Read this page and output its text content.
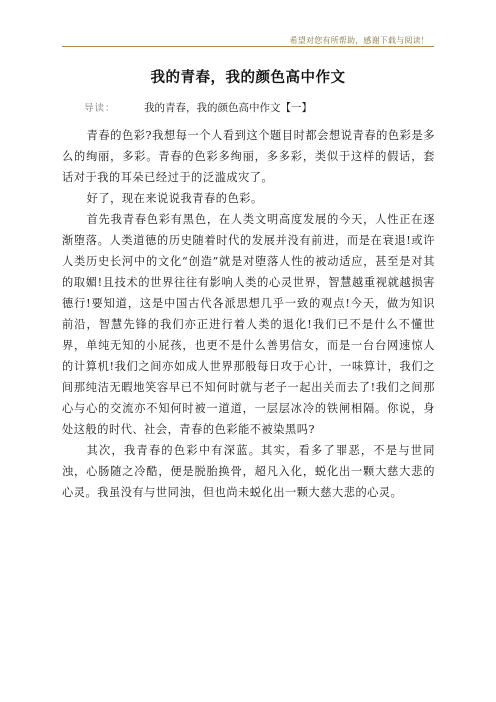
希望对您有所帮助，感谢下载与阅读！
我的青春，我的颜色高中作文
导读：	我的青春，我的颜色高中作文【一】

青春的色彩?我想每一个人看到这个题目时都会想说青春的色彩是多么的绚丽，多彩。青春的色彩多绚丽，多多彩，类似于这样的假话，套话对于我的耳朵已经过于的泛滥成灾了。

好了，现在来说说我青春的色彩。

首先我青春色彩有黑色，在人类文明高度发展的今天，人性正在逐渐堕落。人类道德的历史随着时代的发展并没有前进，而是在衰退!或许人类历史长河中的文化“创造”就是对堕落人性的被动适应，甚至是对其的取媚!且技术的世界往往有影响人类的心灵世界，智慧越重视就越损害德行!要知道，这是中国古代各派思想几乎一致的观点!今天，做为知识前沿，智慧先锋的我们亦正进行着人类的退化!我们已不是什么不懂世界，单纯无知的小屁孩，也更不是什么善男信女，而是一台台网速惊人的计算机!我们之间亦如成人世界那般每日攻于心计，一味算计，我们之间那纯洁无暇地笑容早已不知何时就与老子一起出关而去了!我们之间那心与心的交流亦不知何时被一道道，一层层冰冷的铁闸相隔。你说，身处这般的时代、社会，青春的色彩能不被染黑吗?

其次，我青春的色彩中有深蓝。其实，看多了罪恶，不是与世同浊，心肠随之冷酷，便是脱胎换骨，超凡入化，蜕化出一颗大慈大悲的心灵。我虽没有与世同浊，但也尚未蜕化出一颗大慈大悲的心灵。
